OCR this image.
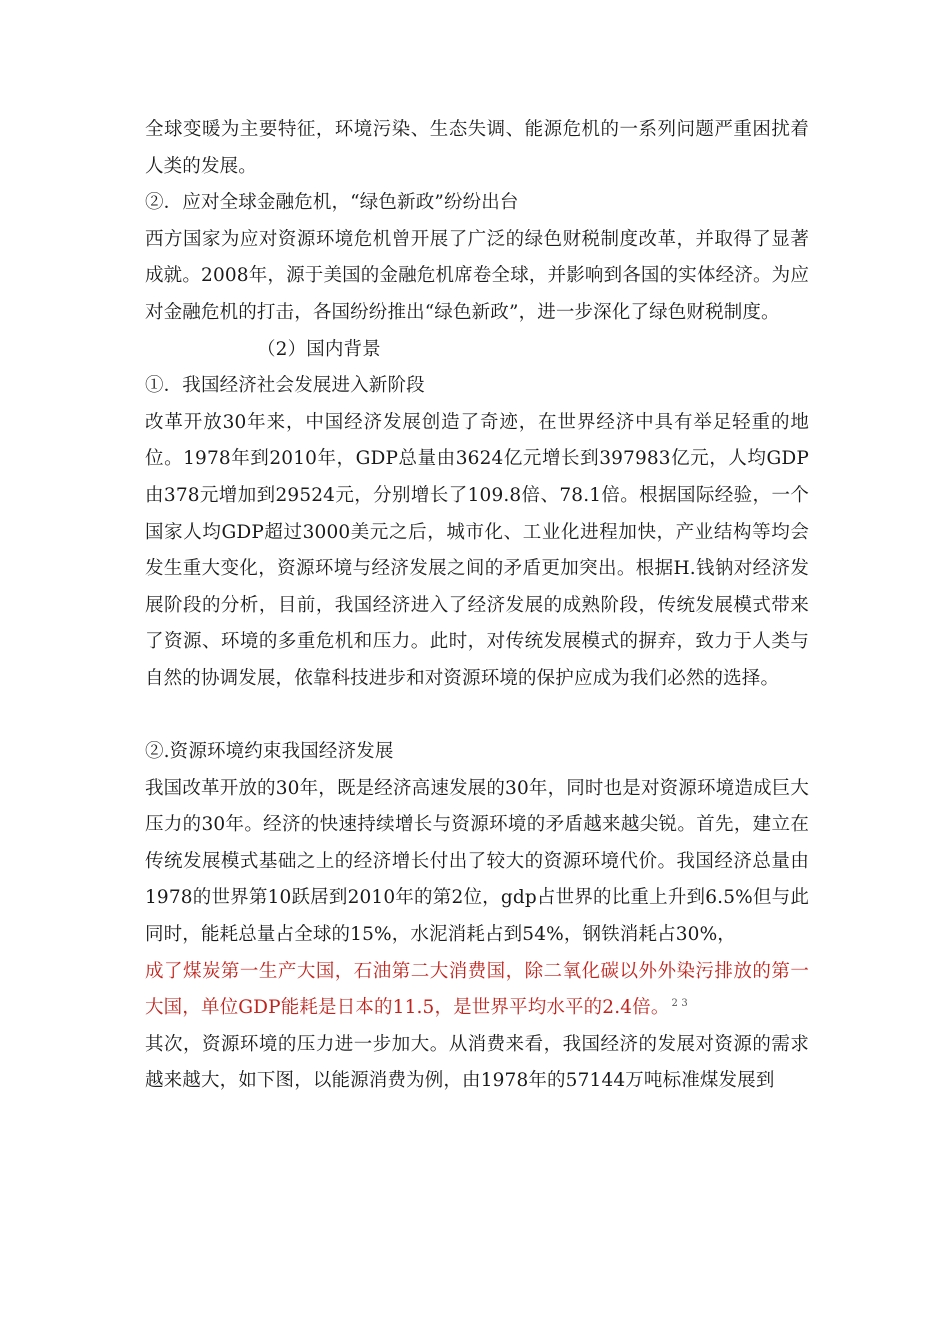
全球变暖为主要特征，环境污染、生态失调、能源危机的一系列问题严重困扰着人类的发展。

②．应对全球金融危机，“绿色新政”纷纷出台

西方国家为应对资源环境危机曾开展了广泛的绿色财税制度改革，并取得了显著成就。2008年，源于美国的金融危机席卷全球，并影响到各国的实体经济。为应对金融危机的打击，各国纷纷推出“绿色新政”，进一步深化了绿色财税制度。

（2）国内背景

①．我国经济社会发展进入新阶段

改革开放30年来，中国经济发展创造了奇迹，在世界经济中具有举足轻重的地位。1978年到2010年，GDP总量由3624亿元增长到397983亿元，人均GDP由378元增加到29524元，分别增长了109.8倍、78.1倍。根据国际经验，一个国家人均GDP超过3000美元之后，城市化、工业化进程加快，产业结构等均会发生重大变化，资源环境与经济发展之间的矛盾更加突出。根据H.钱钠对经济发展阶段的分析，目前，我国经济进入了经济发展的成熟阶段，传统发展模式带来了资源、环境的多重危机和压力。此时，对传统发展模式的摒弃，致力于人类与自然的协调发展，依靠科技进步和对资源环境的保护应成为我们必然的选择。

②.资源环境约束我国经济发展

我国改革开放的30年，既是经济高速发展的30年，同时也是对资源环境造成巨大压力的30年。经济的快速持续增长与资源环境的矛盾越来越尖锐。首先，建立在传统发展模式基础之上的经济增长付出了较大的资源环境代价。我国经济总量由1978的世界第10跃居到2010年的第2位，gdp占世界的比重上升到6.5%但与此同时，能耗总量占全球的15%，水泥消耗占到54%，钢铁消耗占30%，

成了煤炭第一生产大国，石油第二大消费国，除二氧化碳以外外染污排放的第一大国，单位GDP能耗是日本的11.5，是世界平均水平的2.4倍。 $^{2 3}$

其次，资源环境的压力进一步加大。从消费来看，我国经济的发展对资源的需求越来越大，如下图，以能源消费为例，由1978年的57144万吨标准煤发展到
